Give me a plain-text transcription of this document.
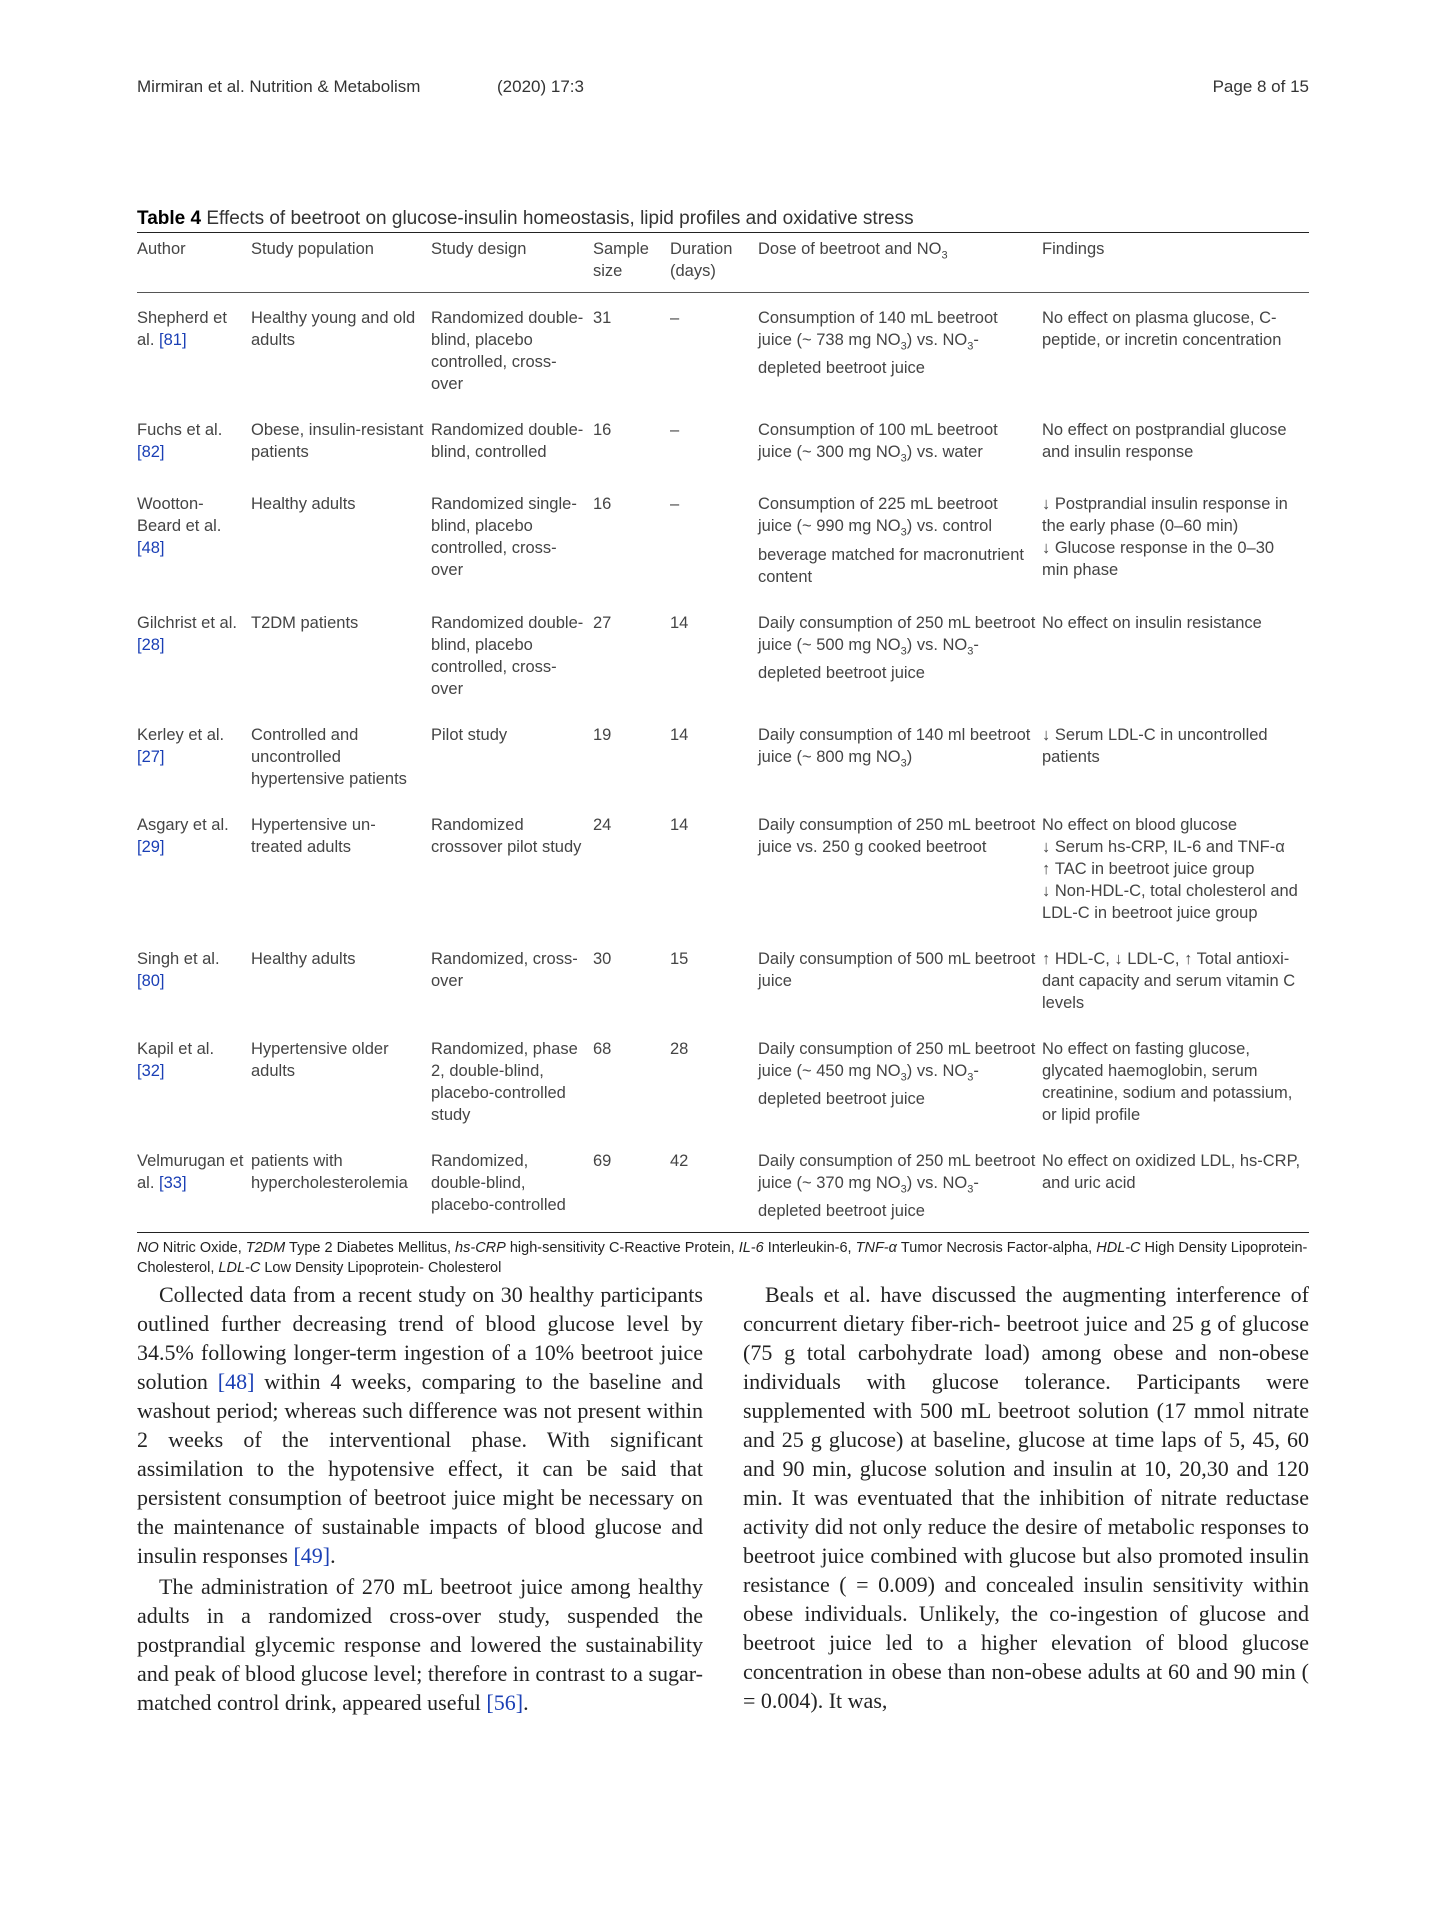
Mirmiran et al. Nutrition & Metabolism	(2020) 17:3	Page 8 of 15
Table 4 Effects of beetroot on glucose-insulin homeostasis, lipid profiles and oxidative stress
Author	Study population	Study design	Sample size	Duration (days)	Dose of beetroot and $NO_3$	Findings
Shepherd et al. [81]	Healthy young and old adults	Randomized double- blind, placebo controlled, cross-over	31	–	Consumption of 140 mL beetroot juice (~ 738 mg $NO_3$) vs. $NO_3$-depleted beetroot juice	No effect on plasma glucose, C-peptide, or incretin concentration
Fuchs et al. [82]	Obese, insulin-resistant patients	Randomized double- blind, controlled	16	–	Consumption of 100 mL beetroot juice (~ 300 mg $NO_3$) vs. water	No effect on postprandial glucose and insulin response
Wootton-Beard et al. [48]	Healthy adults	Randomized single- blind, placebo controlled, cross-over	16	–	Consumption of 225 mL beetroot juice (~ 990 mg $NO_3$) vs. control beverage matched for macronutrient content	↓ Postprandial insulin response in the early phase (0–60 min)
↓ Glucose response in the 0–30 min phase
Gilchrist et al. [28]	T2DM patients	Randomized double- blind, placebo controlled, cross-over	27	14	Daily consumption of 250 mL beetroot juice (~ 500 mg $NO_3$) vs. $NO_3$-depleted beetroot juice	No effect on insulin resistance
Kerley et al. [27]	Controlled and uncontrolled hypertensive patients	Pilot study	19	14	Daily consumption of 140 ml beetroot juice (~ 800 mg $NO_3$)	↓ Serum LDL-C in uncontrolled patients
Asgary et al. [29]	Hypertensive un-treated adults	Randomized crossover pilot study	24	14	Daily consumption of 250 mL beetroot juice vs. 250 g cooked beetroot	No effect on blood glucose
↓ Serum hs-CRP, IL-6 and TNF-α
↑ TAC in beetroot juice group
↓ Non-HDL-C, total cholesterol and LDL-C in beetroot juice group
Singh et al. [80]	Healthy adults	Randomized, cross- over	30	15	Daily consumption of 500 mL beetroot juice	↑ HDL-C, ↓ LDL-C, ↑ Total antioxi-dant capacity and serum vitamin C levels
Kapil et al. [32]	Hypertensive older adults	Randomized, phase 2, double-blind, placebo-controlled study	68	28	Daily consumption of 250 mL beetroot juice (~ 450 mg $NO_3$) vs. $NO_3$-depleted beetroot juice	No effect on fasting glucose, glycated haemoglobin, serum creatinine, sodium and potassium, or lipid profile
Velmurugan et al. [33]	patients with hypercholesterolemia	Randomized, double-blind, placebo-controlled	69	42	Daily consumption of 250 mL beetroot juice (~ 370 mg $NO_3$) vs. $NO_3$-depleted beetroot juice	No effect on oxidized LDL, hs-CRP, and uric acid
NO Nitric Oxide, T2DM Type 2 Diabetes Mellitus, hs-CRP high-sensitivity C-Reactive Protein, IL-6 Interleukin-6, TNF-α Tumor Necrosis Factor-alpha, HDL-C High Density Lipoprotein-Cholesterol, LDL-C Low Density Lipoprotein- Cholesterol

Collected data from a recent study on 30 healthy participants outlined further decreasing trend of blood glucose level by 34.5% following longer-term ingestion of a 10% beetroot juice solution [48] within 4 weeks, comparing to the baseline and washout period; whereas such difference was not present within 2 weeks of the interventional phase. With significant assimilation to the hypotensive effect, it can be said that persistent consumption of beetroot juice might be necessary on the maintenance of sustainable impacts of blood glucose and insulin responses [49].

The administration of 270 mL beetroot juice among healthy adults in a randomized cross-over study, suspended the postprandial glycemic response and lowered the sustainability and peak of blood glucose level; therefore in contrast to a sugar-matched control drink, appeared useful [56].

Beals et al. have discussed the augmenting interference of concurrent dietary fiber-rich- beetroot juice and 25 g of glucose (75 g total carbohydrate load) among obese and non-obese individuals with glucose tolerance. Participants were supplemented with 500 mL beetroot solution (17 mmol nitrate and 25 g glucose) at baseline, glucose at time laps of 5, 45, 60 and 90 min, glucose solution and insulin at 10, 20,30 and 120 min. It was eventuated that the inhibition of nitrate reductase activity did not only reduce the desire of metabolic responses to beetroot juice combined with glucose but also promoted insulin resistance ( = 0.009) and concealed insulin sensitivity within obese individuals. Unlikely, the co-ingestion of glucose and beetroot juice led to a higher elevation of blood glucose concentration in obese than non-obese adults at 60 and 90 min ( = 0.004). It was,
